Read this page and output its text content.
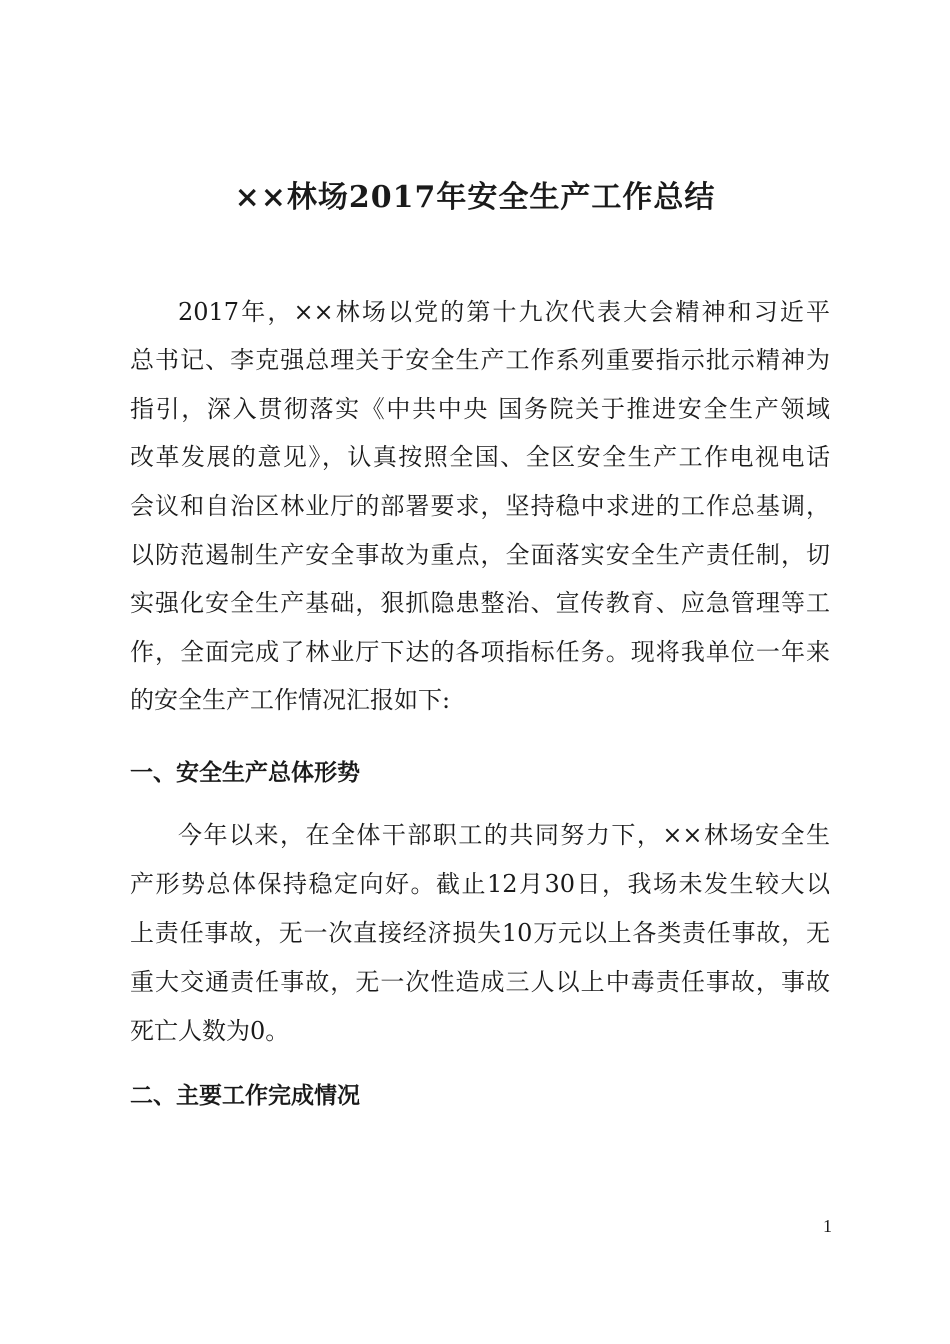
××林场2017年安全生产工作总结

2017年，××林场以党的第十九次代表大会精神和习近平

总书记、李克强总理关于安全生产工作系列重要指示批示精神为

指引，深入贯彻落实《中共中央 国务院关于推进安全生产领域

改革发展的意见》，认真按照全国、全区安全生产工作电视电话

会议和自治区林业厅的部署要求，坚持稳中求进的工作总基调，

以防范遏制生产安全事故为重点，全面落实安全生产责任制，切

实强化安全生产基础，狠抓隐患整治、宣传教育、应急管理等工

作，全面完成了林业厅下达的各项指标任务。现将我单位一年来

的安全生产工作情况汇报如下:

一、安全生产总体形势

今年以来，在全体干部职工的共同努力下，××林场安全生

产形势总体保持稳定向好。截止12月30日，我场未发生较大以

上责任事故，无一次直接经济损失10万元以上各类责任事故，无

重大交通责任事故，无一次性造成三人以上中毒责任事故，事故

死亡人数为0。

二、主要工作完成情况
1
